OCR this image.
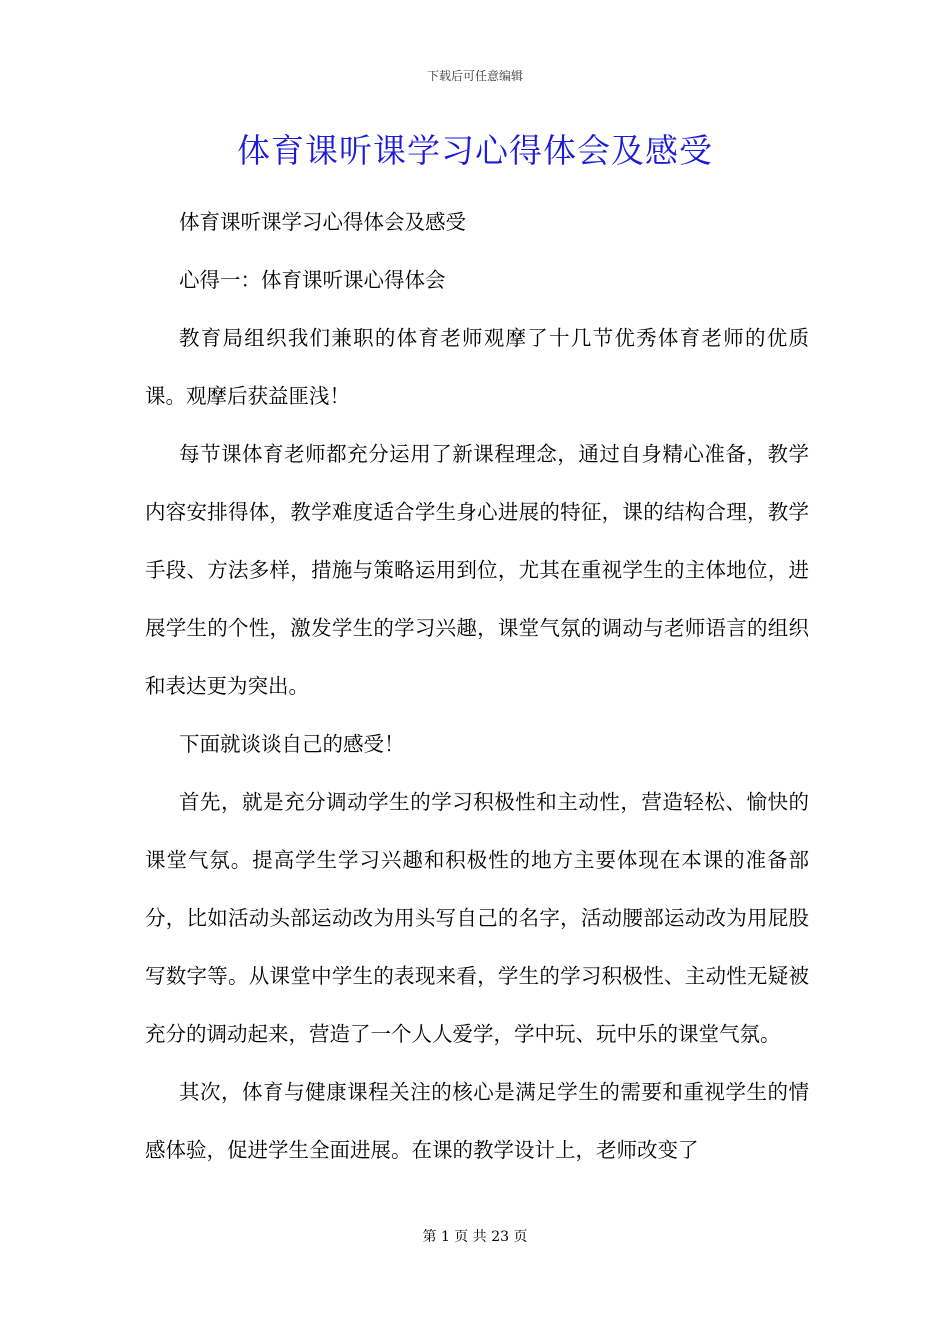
下载后可任意编辑
体育课听课学习心得体会及感受

体育课听课学习心得体会及感受

心得一：体育课听课心得体会

教育局组织我们兼职的体育老师观摩了十几节优秀体育老师的优质课。观摩后获益匪浅！

每节课体育老师都充分运用了新课程理念，通过自身精心准备，教学内容安排得体，教学难度适合学生身心进展的特征，课的结构合理，教学手段、方法多样，措施与策略运用到位，尤其在重视学生的主体地位，进展学生的个性，激发学生的学习兴趣，课堂气氛的调动与老师语言的组织和表达更为突出。

下面就谈谈自己的感受！

首先，就是充分调动学生的学习积极性和主动性，营造轻松、愉快的课堂气氛。提高学生学习兴趣和积极性的地方主要体现在本课的准备部分，比如活动头部运动改为用头写自己的名字，活动腰部运动改为用屁股写数字等。从课堂中学生的表现来看，学生的学习积极性、主动性无疑被充分的调动起来，营造了一个人人爱学，学中玩、玩中乐的课堂气氛。

其次，体育与健康课程关注的核心是满足学生的需要和重视学生的情感体验，促进学生全面进展。在课的教学设计上，老师改变了

第 1 页 共 23 页
